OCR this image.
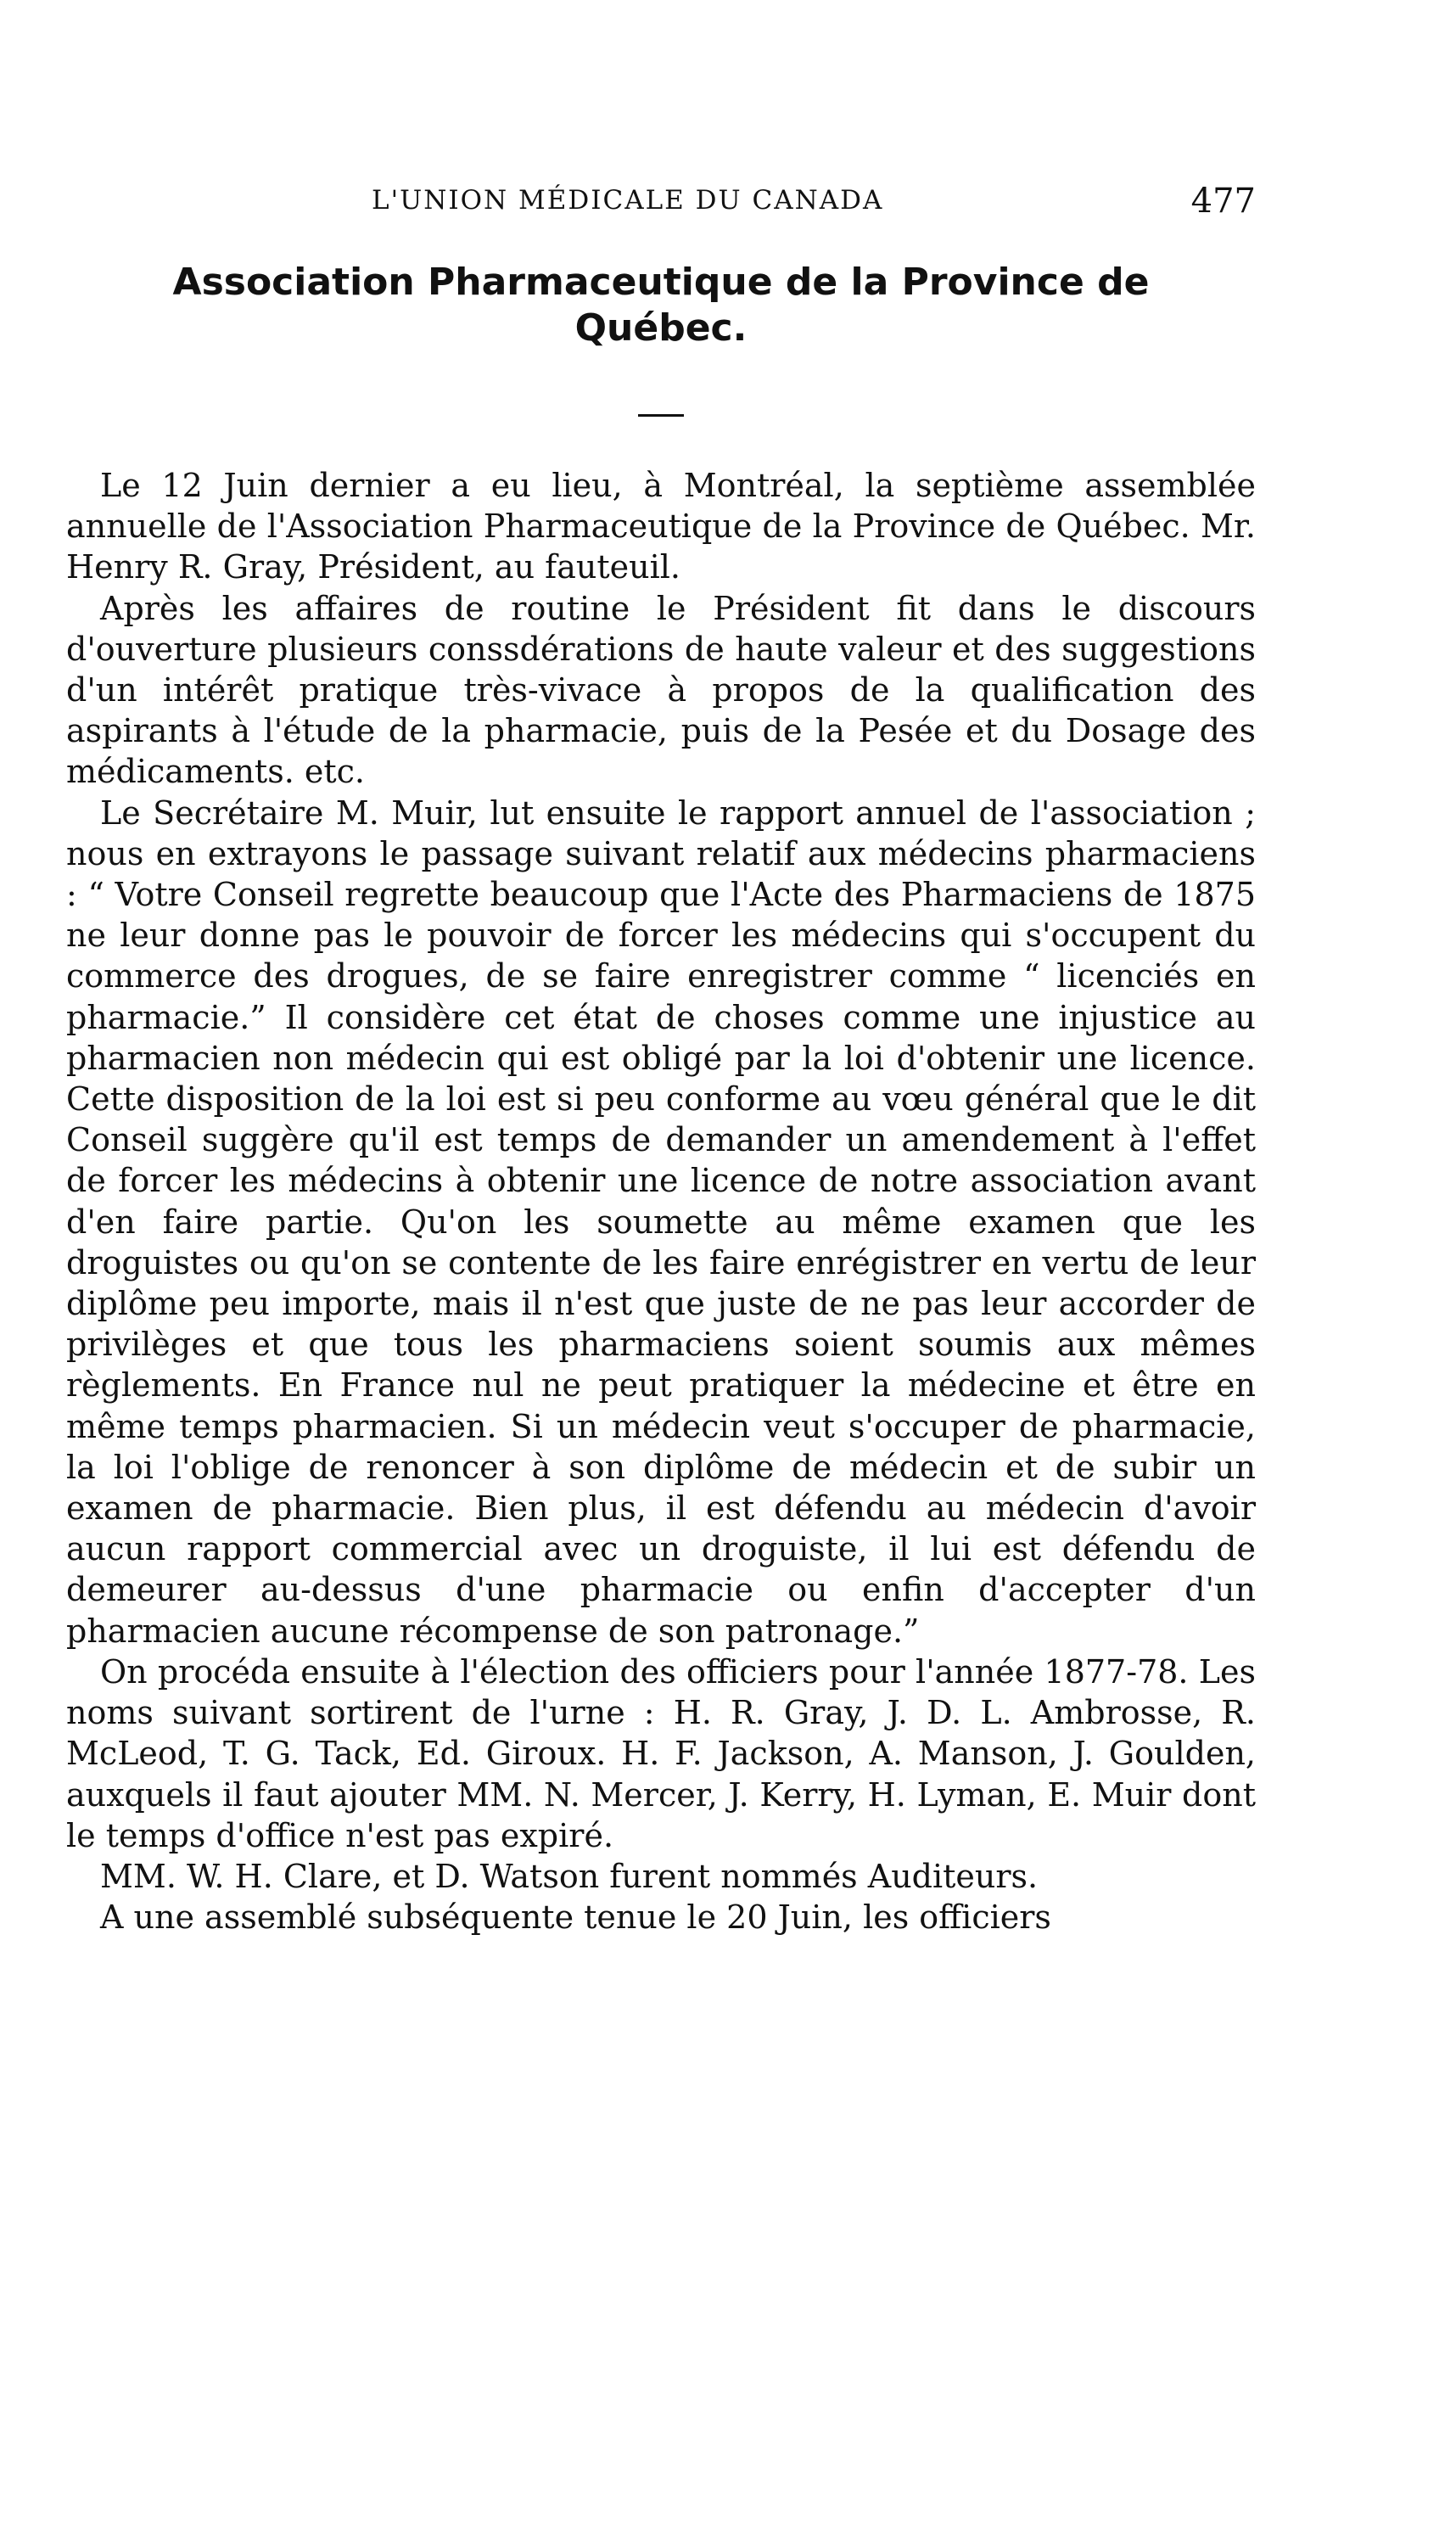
L'UNION MÉDICALE DU CANADA	477
Association Pharmaceutique de la Province de
Québec.

Le 12 Juin dernier a eu lieu, à Montréal, la septième assemblée annuelle de l'Association Pharmaceutique de la Province de Québec. Mr. Henry R. Gray, Président, au fauteuil.

Après les affaires de routine le Président fit dans le discours d'ouverture plusieurs conssdérations de haute valeur et des suggestions d'un intérêt pratique très-vivace à propos de la qualification des aspirants à l'étude de la pharmacie, puis de la Pesée et du Dosage des médicaments. etc.

Le Secrétaire M. Muir, lut ensuite le rapport annuel de l'association ; nous en extrayons le passage suivant relatif aux médecins pharmaciens : “ Votre Conseil regrette beaucoup que l'Acte des Pharmaciens de 1875 ne leur donne pas le pouvoir de forcer les médecins qui s'occupent du commerce des drogues, de se faire enregistrer comme “ licenciés en pharmacie.” Il considère cet état de choses comme une injustice au pharmacien non médecin qui est obligé par la loi d'obtenir une licence. Cette disposition de la loi est si peu conforme au vœu général que le dit Conseil suggère qu'il est temps de demander un amendement à l'effet de forcer les médecins à obtenir une licence de notre association avant d'en faire partie. Qu'on les soumette au même examen que les droguistes ou qu'on se contente de les faire enrégistrer en vertu de leur diplôme peu importe, mais il n'est que juste de ne pas leur accorder de privilèges et que tous les pharmaciens soient soumis aux mêmes règlements. En France nul ne peut pratiquer la médecine et être en même temps pharmacien. Si un médecin veut s'occuper de pharmacie, la loi l'oblige de renoncer à son diplôme de médecin et de subir un examen de pharmacie. Bien plus, il est défendu au médecin d'avoir aucun rapport commercial avec un droguiste, il lui est défendu de demeurer au-dessus d'une pharmacie ou enfin d'accepter d'un pharmacien aucune récompense de son patronage.”

On procéda ensuite à l'élection des officiers pour l'année 1877-78. Les noms suivant sortirent de l'urne : H. R. Gray, J. D. L. Ambrosse, R. McLeod, T. G. Tack, Ed. Giroux. H. F. Jackson, A. Manson, J. Goulden, auxquels il faut ajouter MM. N. Mercer, J. Kerry, H. Lyman, E. Muir dont le temps d'office n'est pas expiré.

MM. W. H. Clare, et D. Watson furent nommés Auditeurs.

A une assemblé subséquente tenue le 20 Juin, les officiers
